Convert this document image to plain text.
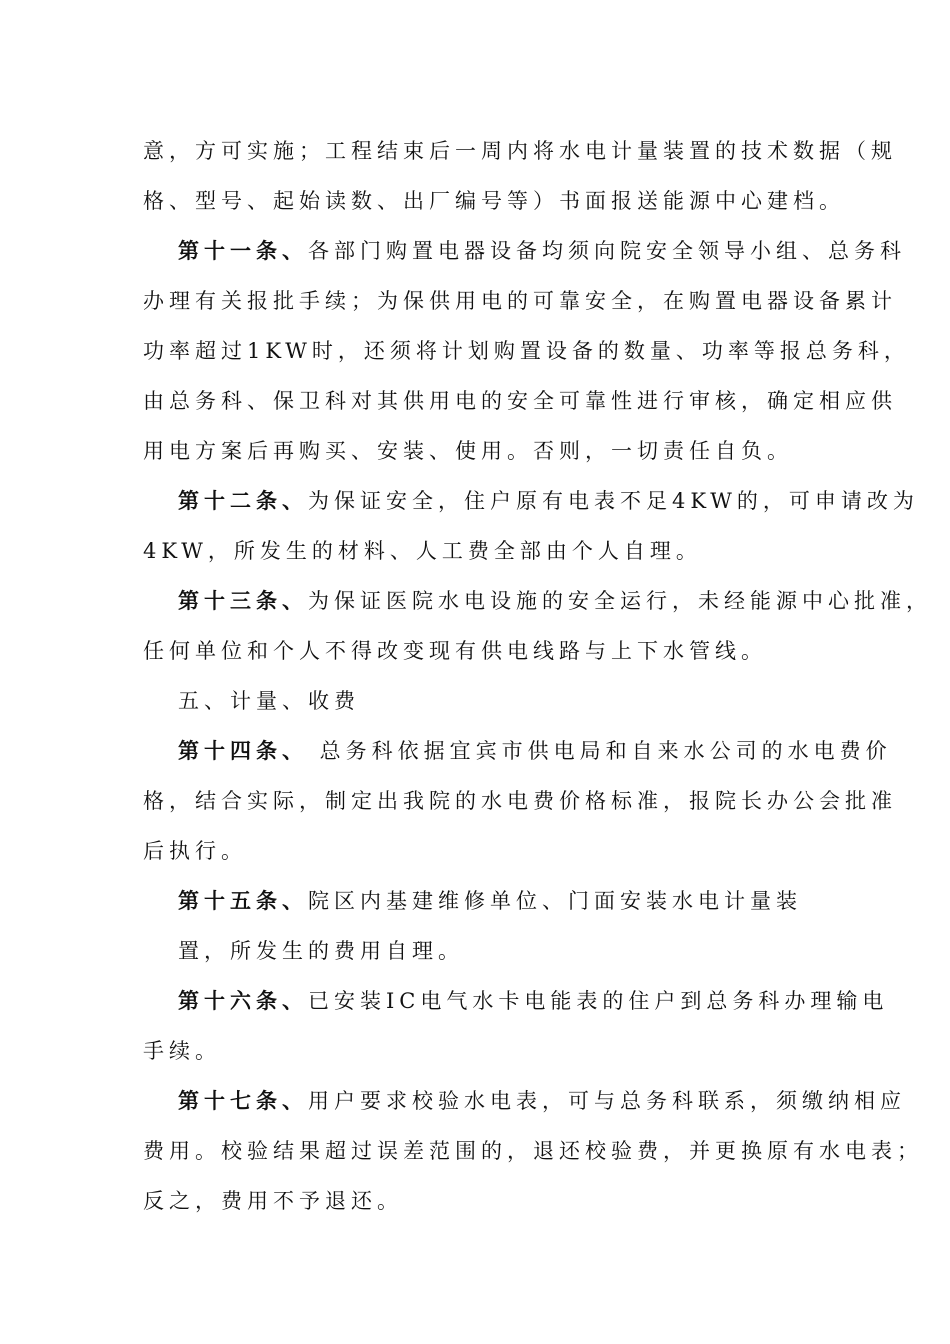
意，方可实施；工程结束后一周内将水电计量装置的技术数据（规
格、型号、起始读数、出厂编号等）书面报送能源中心建档。
第十一条、各部门购置电器设备均须向院安全领导小组、总务科
办理有关报批手续；为保供用电的可靠安全，在购置电器设备累计
功率超过1KW时，还须将计划购置设备的数量、功率等报总务科，
由总务科、保卫科对其供用电的安全可靠性进行审核，确定相应供
用电方案后再购买、安装、使用。否则，一切责任自负。
第十二条、为保证安全，住户原有电表不足4KW的，可申请改为
4KW，所发生的材料、人工费全部由个人自理。
第十三条、为保证医院水电设施的安全运行，未经能源中心批准，
任何单位和个人不得改变现有供电线路与上下水管线。
五、计量、收费
第十四条、 总务科依据宜宾市供电局和自来水公司的水电费价
格，结合实际，制定出我院的水电费价格标准，报院长办公会批准
后执行。
第十五条、院区内基建维修单位、门面安装水电计量装
置，所发生的费用自理。
第十六条、已安装IC电气水卡电能表的住户到总务科办理输电
手续。
第十七条、用户要求校验水电表，可与总务科联系，须缴纳相应
费用。校验结果超过误差范围的，退还校验费，并更换原有水电表；
反之，费用不予退还。
